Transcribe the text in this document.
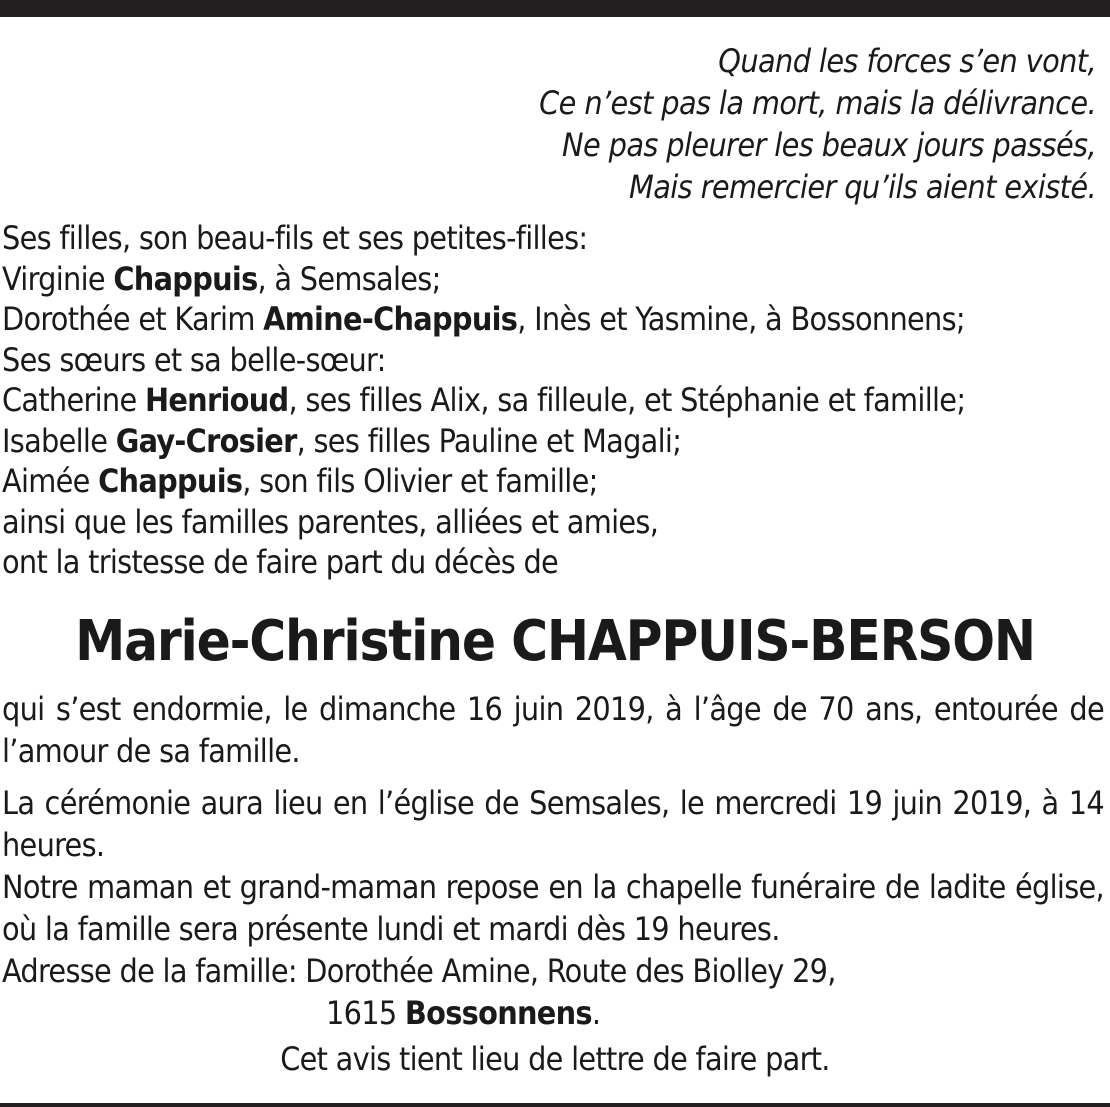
Quand les forces s’en vont,
Ce n’est pas la mort, mais la délivrance.
Ne pas pleurer les beaux jours passés,
Mais remercier qu’ils aient existé.
Ses filles, son beau-fils et ses petites-filles:
Virginie Chappuis, à Semsales;
Dorothée et Karim Amine-Chappuis, Inès et Yasmine, à Bossonnens;
Ses sœurs et sa belle-sœur:
Catherine Henrioud, ses filles Alix, sa filleule, et Stéphanie et famille;
Isabelle Gay-Crosier, ses filles Pauline et Magali;
Aimée Chappuis, son fils Olivier et famille;
ainsi que les familles parentes, alliées et amies,
ont la tristesse de faire part du décès de
Marie-Christine CHAPPUIS-BERSON
qui s’est endormie, le dimanche 16 juin 2019, à l’âge de 70 ans, entourée de l’amour de sa famille.
La cérémonie aura lieu en l’église de Semsales, le mercredi 19 juin 2019, à 14 heures.
Notre maman et grand-maman repose en la chapelle funéraire de ladite église, où la famille sera présente lundi et mardi dès 19 heures.
Adresse de la famille: Dorothée Amine, Route des Biolley 29,
1615 Bossonnens.
Cet avis tient lieu de lettre de faire part.
